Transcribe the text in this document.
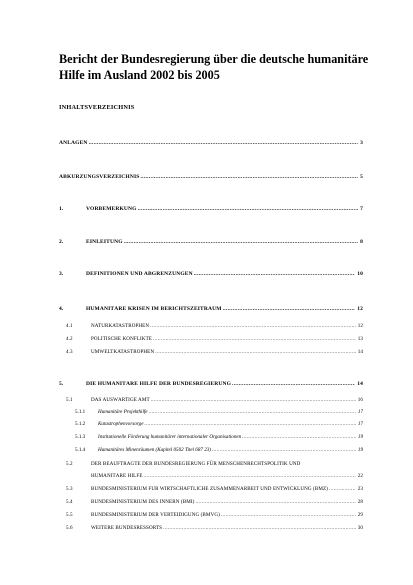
Bericht der Bundesregierung über die deutsche humanitäre
Hilfe im Ausland 2002 bis 2005
INHALTSVERZEICHNIS
ANLAGEN .....	3
ABKÜRZUNGSVERZEICHNIS .....	5
1.	VORBEMERKUNG .....	7
2.	EINLEITUNG .....	8
3.	DEFINITIONEN UND ABGRENZUNGEN .....	10
4.	HUMANITÄRE KRISEN IM BERICHTSZEITRAUM .....	12
4.1	NATURKATASTROPHEN .....	12
4.2	POLITISCHE KONFLIKTE .....	13
4.3	UMWELTKATASTROPHEN .....	14
5.	DIE HUMANITÄRE HILFE DER BUNDESREGIERUNG .....	14
5.1	DAS AUSWÄRTIGE AMT .....	16
5.1.1	Humanitäre Projekthilfe .....	17
5.1.2	Katastrophenvorsorge .....	17
5.1.3	Institutionelle Förderung humanitärer internationaler Organisationen .....	19
5.1.4	Humanitäres Minenräumen (Kapitel 0502 Titel 687 23) .....	19
5.2	DER BEAUFTRAGTE DER BUNDESREGIERUNG FÜR MENSCHENRECHTSPOLITIK UND
HUMANITÄRE HILFE .....	22
5.3	BUNDESMINISTERIUM FÜR WIRTSCHAFTLICHE ZUSAMMENARBEIT UND ENTWICKLUNG (BMZ) .....	23
5.4	BUNDESMINISTERIUM DES INNERN (BMI) .....	28
5.5	BUNDESMINISTERIUM DER VERTEIDIGUNG (BMVG) .....	29
5.6	WEITERE BUNDESRESSORTS .....	30
